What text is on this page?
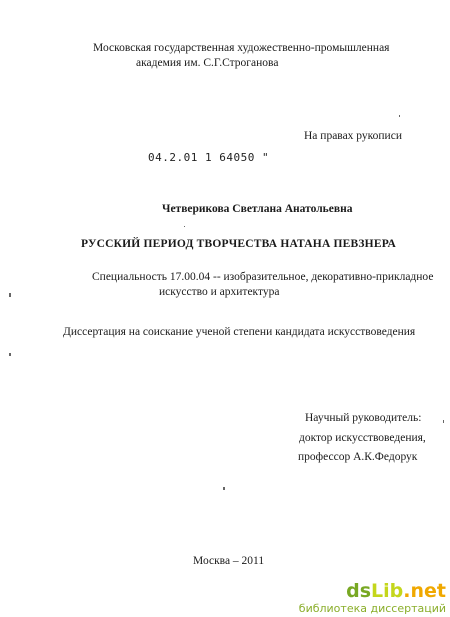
Московская государственная художественно-промышленная
академия им. С.Г.Строганова
На правах рукописи
04.2.01 1 64050 "
Четверикова Светлана Анатольевна
РУССКИЙ ПЕРИОД ТВОРЧЕСТВА НАТАНА ПЕВЗНЕРА
Специальность 17.00.04 -- изобразительное, декоративно-прикладное
искусство и архитектура
Диссертация на соискание ученой степени кандидата искусствоведения
Научный руководитель:
доктор искусствоведения,
профессор А.К.Федорук
Москва – 2011
ds Lib .net
библиотека диссертаций
